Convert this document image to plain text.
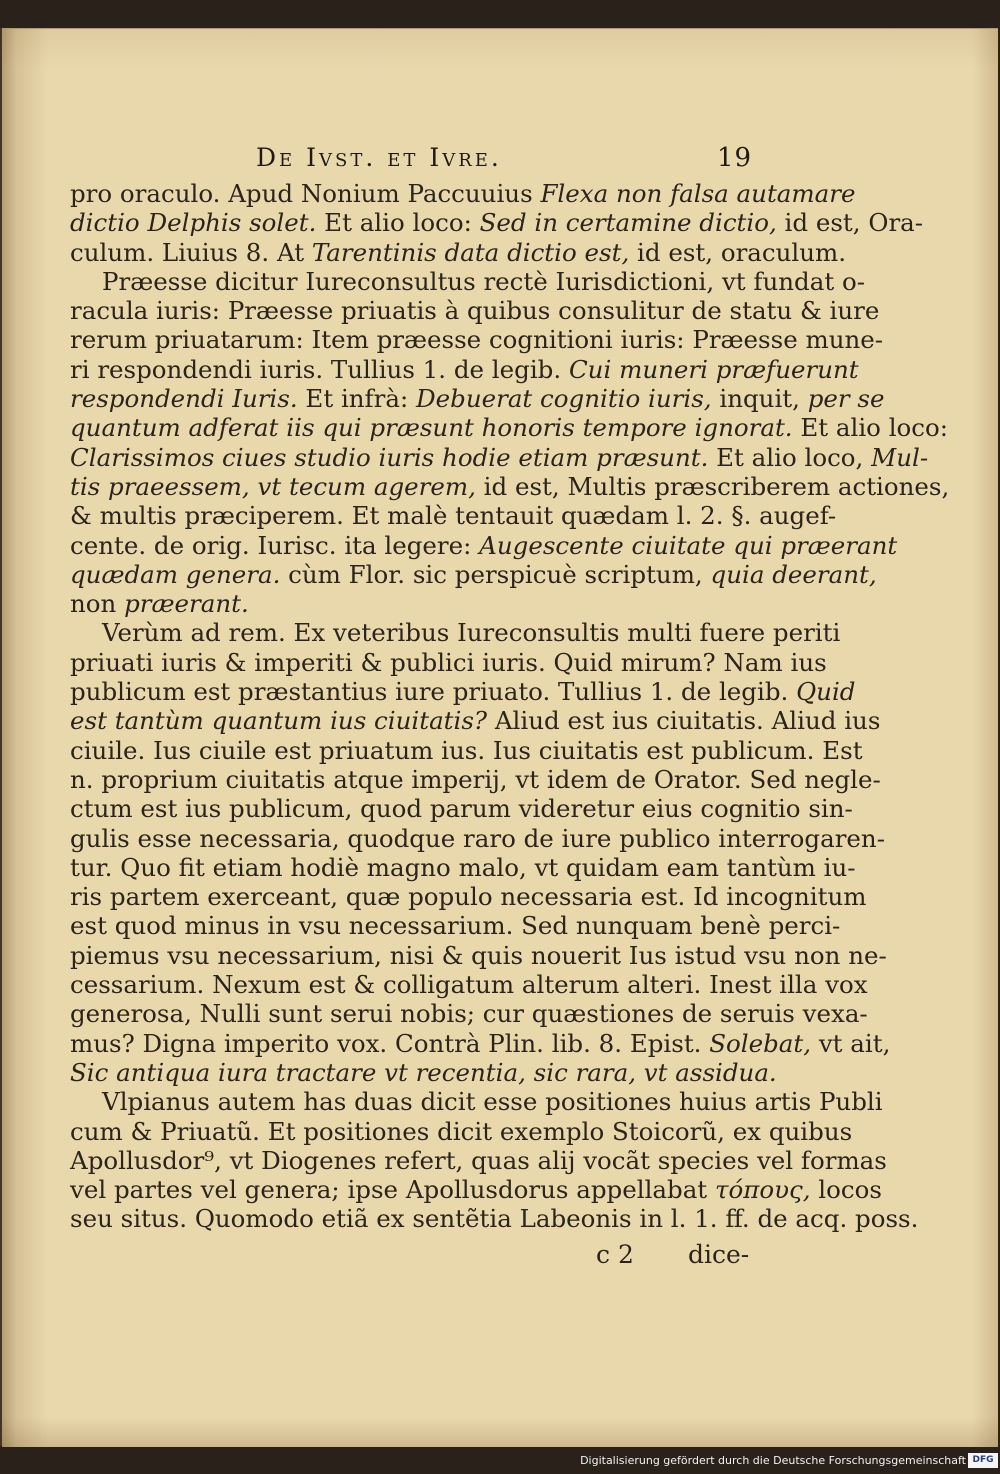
De Ivst. et Ivre.	19
pro oraculo. Apud Nonium Paccuuius Flexa non falsa autamare
dictio Delphis solet. Et alio loco: Sed in certamine dictio, id est, Ora-
culum. Liuius 8. At Tarentinis data dictio est, id est, oraculum.
Præesse dicitur Iureconsultus rectè Iurisdictioni, vt fundat o-
racula iuris: Præesse priuatis à quibus consulitur de statu & iure
rerum priuatarum: Item præesse cognitioni iuris: Præesse mune-
ri respondendi iuris. Tullius 1. de legib. Cui muneri præfuerunt
respondendi Iuris. Et infrà: Debuerat cognitio iuris, inquit, per se
quantum adferat iis qui præsunt honoris tempore ignorat. Et alio loco:
Clarissimos ciues studio iuris hodie etiam præsunt. Et alio loco, Mul-
tis praeessem, vt tecum agerem, id est, Multis præscriberem actiones,
& multis præciperem. Et malè tentauit quædam l. 2. §. augef-
cente. de orig. Iurisc. ita legere: Augescente ciuitate qui præerant
quædam genera. cùm Flor. sic perspicuè scriptum, quia deerant,
non præerant.
Verùm ad rem. Ex veteribus Iureconsultis multi fuere periti
priuati iuris & imperiti & publici iuris. Quid mirum? Nam ius
publicum est præstantius iure priuato. Tullius 1. de legib. Quid
est tantùm quantum ius ciuitatis? Aliud est ius ciuitatis. Aliud ius
ciuile. Ius ciuile est priuatum ius. Ius ciuitatis est publicum. Est
n. proprium ciuitatis atque imperij, vt idem de Orator. Sed negle-
ctum est ius publicum, quod parum videretur eius cognitio sin-
gulis esse necessaria, quodque raro de iure publico interrogaren-
tur. Quo fit etiam hodiè magno malo, vt quidam eam tantùm iu-
ris partem exerceant, quæ populo necessaria est. Id incognitum
est quod minus in vsu necessarium. Sed nunquam benè perci-
piemus vsu necessarium, nisi & quis nouerit Ius istud vsu non ne-
cessarium. Nexum est & colligatum alterum alteri. Inest illa vox
generosa, Nulli sunt serui nobis; cur quæstiones de seruis vexa-
mus? Digna imperito vox. Contrà Plin. lib. 8. Epist. Solebat, vt ait,
Sic antiqua iura tractare vt recentia, sic rara, vt assidua.
Vlpianus autem has duas dicit esse positiones huius artis Publi
cum & Priuatũ. Et positiones dicit exemplo Stoicorũ, ex quibus
Apollusdor⁹, vt Diogenes refert, quas alij vocãt species vel formas
vel partes vel genera; ipse Apollusdorus appellabat τόπους, locos
seu situs. Quomodo etiã ex sentẽtia Labeonis in l. 1. ff. de acq. poss.
c 2 dice-
Digitalisierung gefördert durch die Deutsche Forschungsgemeinschaft DFG
